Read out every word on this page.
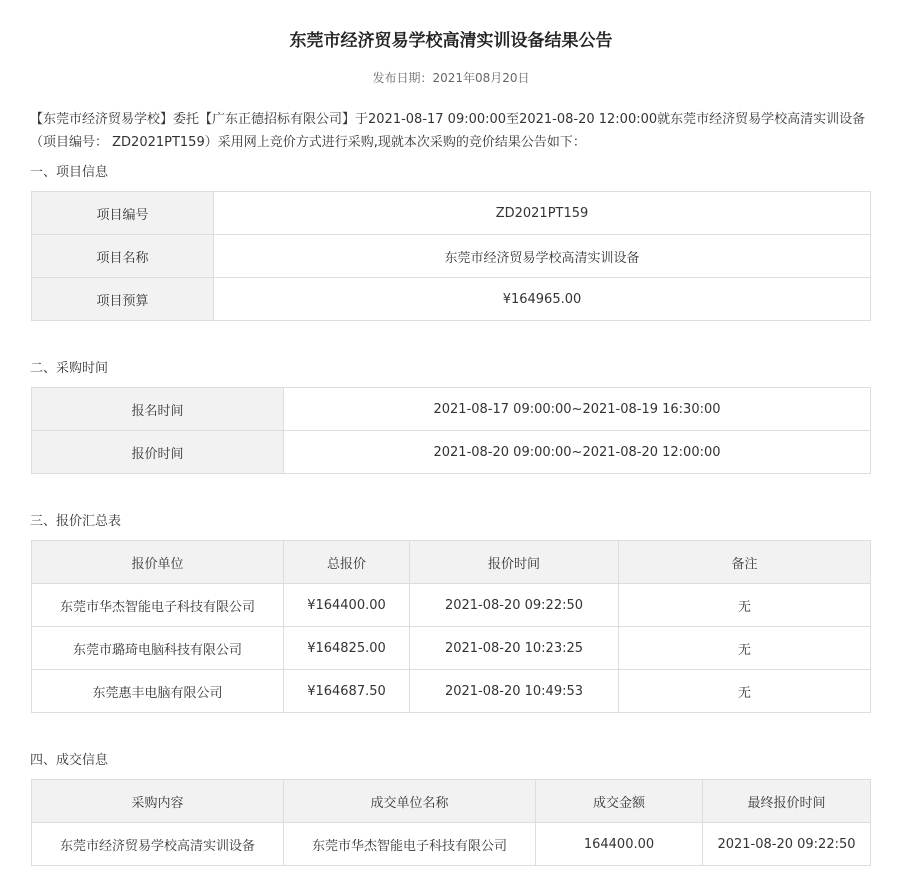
东莞市经济贸易学校高清实训设备结果公告
发布日期：2021年08月20日
【东莞市经济贸易学校】委托【广东正德招标有限公司】于2021-08-17 09:00:00至2021-08-20 12:00:00就东莞市经济贸易学校高清实训设备（项目编号： ZD2021PT159）采用网上竞价方式进行采购,现就本次采购的竞价结果公告如下：
一、项目信息
项目编号	ZD2021PT159
项目名称	东莞市经济贸易学校高清实训设备
项目预算	¥164965.00
二、采购时间
报名时间	2021-08-17 09:00:00~2021-08-19 16:30:00
报价时间	2021-08-20 09:00:00~2021-08-20 12:00:00
三、报价汇总表
报价单位	总报价	报价时间	备注
东莞市华杰智能电子科技有限公司	¥164400.00	2021-08-20 09:22:50	无
东莞市璐琦电脑科技有限公司	¥164825.00	2021-08-20 10:23:25	无
东莞惠丰电脑有限公司	¥164687.50	2021-08-20 10:49:53	无
四、成交信息
采购内容	成交单位名称	成交金额	最终报价时间
东莞市经济贸易学校高清实训设备	东莞市华杰智能电子科技有限公司	164400.00	2021-08-20 09:22:50
